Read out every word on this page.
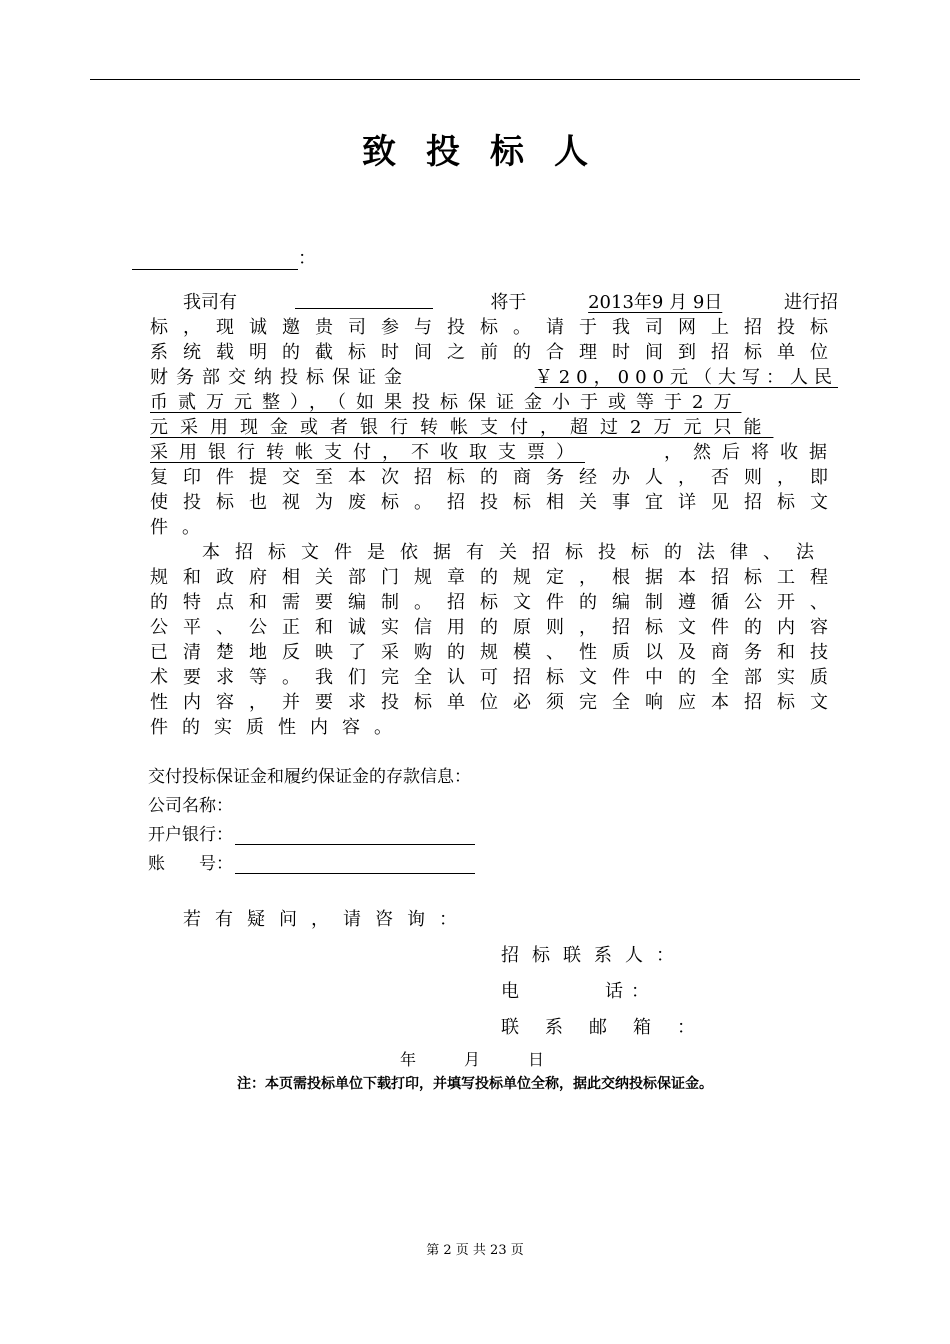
致投标人
：
我司有	将于	2013年9 月 9日	进行招
标，现诚邀贵司参与投标。请于我司网上招投标
系统载明的截标时间之前的合理时间到招标单位
财务部交纳投标保证金	￥20，000元（大写：人民
币贰万元整），（如果投标保证金小于或等于2万
元采用现金或者银行转帐支付，超过2万元只能
采用银行转帐支付，不收取支票）	，然后将收据
复印件提交至本次招标的商务经办人，否则，即
使投标也视为废标。招投标相关事宜详见招标文
件。
本招标文件是依据有关招标投标的法律、法
规和政府相关部门规章的规定，根据本招标工程
的特点和需要编制。招标文件的编制遵循公开、
公平、公正和诚实信用的原则，招标文件的内容
已清楚地反映了采购的规模、性质以及商务和技
术要求等。我们完全认可招标文件中的全部实质
性内容，并要求投标单位必须完全响应本招标文
件的实质性内容。
交付投标保证金和履约保证金的存款信息：
公司名称：
开户银行：
账　　号：
若有疑问，请咨询：
招标联系人：
电　　　话：
联系邮箱：
年　　　月　　　日
注：本页需投标单位下载打印，并填写投标单位全称，据此交纳投标保证金。
第 2 页 共 23 页
